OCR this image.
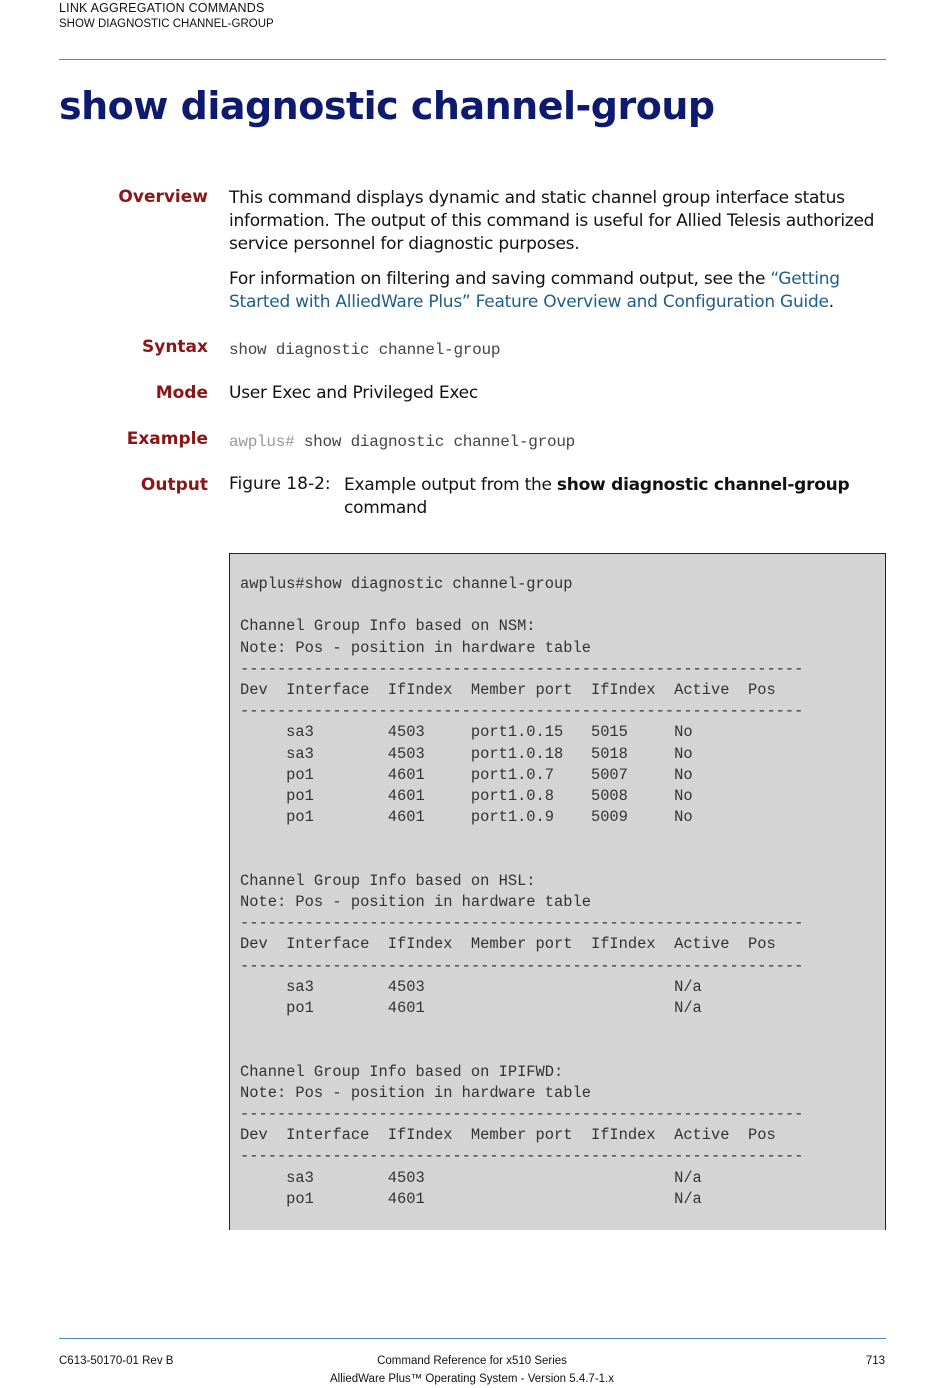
LINK AGGREGATION COMMANDS
SHOW DIAGNOSTIC CHANNEL-GROUP
show diagnostic channel-group
Overview This command displays dynamic and static channel group interface status information. The output of this command is useful for Allied Telesis authorized service personnel for diagnostic purposes.

For information on filtering and saving command output, see the “Getting Started with AlliedWare Plus” Feature Overview and Configuration Guide.

Syntax show diagnostic channel-group
Mode User Exec and Privileged Exec
Example awplus# show diagnostic channel-group
Output Figure 18-2: Example output from the show diagnostic channel-group command
awplus#show diagnostic channel-group

Channel Group Info based on NSM:
Note: Pos - position in hardware table
-------------------------------------------------------------
Dev  Interface  IfIndex  Member port  IfIndex  Active  Pos
-------------------------------------------------------------
sa3        4503     port1.0.15   5015     No
sa3        4503     port1.0.18   5018     No
po1        4601     port1.0.7    5007     No
po1        4601     port1.0.8    5008     No
po1        4601     port1.0.9    5009     No

Channel Group Info based on HSL:
Note: Pos - position in hardware table
-------------------------------------------------------------
Dev  Interface  IfIndex  Member port  IfIndex  Active  Pos
-------------------------------------------------------------
sa3        4503                           N/a
po1        4601                           N/a

Channel Group Info based on IPIFWD:
Note: Pos - position in hardware table
-------------------------------------------------------------
Dev  Interface  IfIndex  Member port  IfIndex  Active  Pos
-------------------------------------------------------------
sa3        4503                           N/a
po1        4601                           N/a
C613-50170-01 Rev B	Command Reference for x510 Series
AlliedWare Plus™ Operating System - Version 5.4.7-1.x
713
